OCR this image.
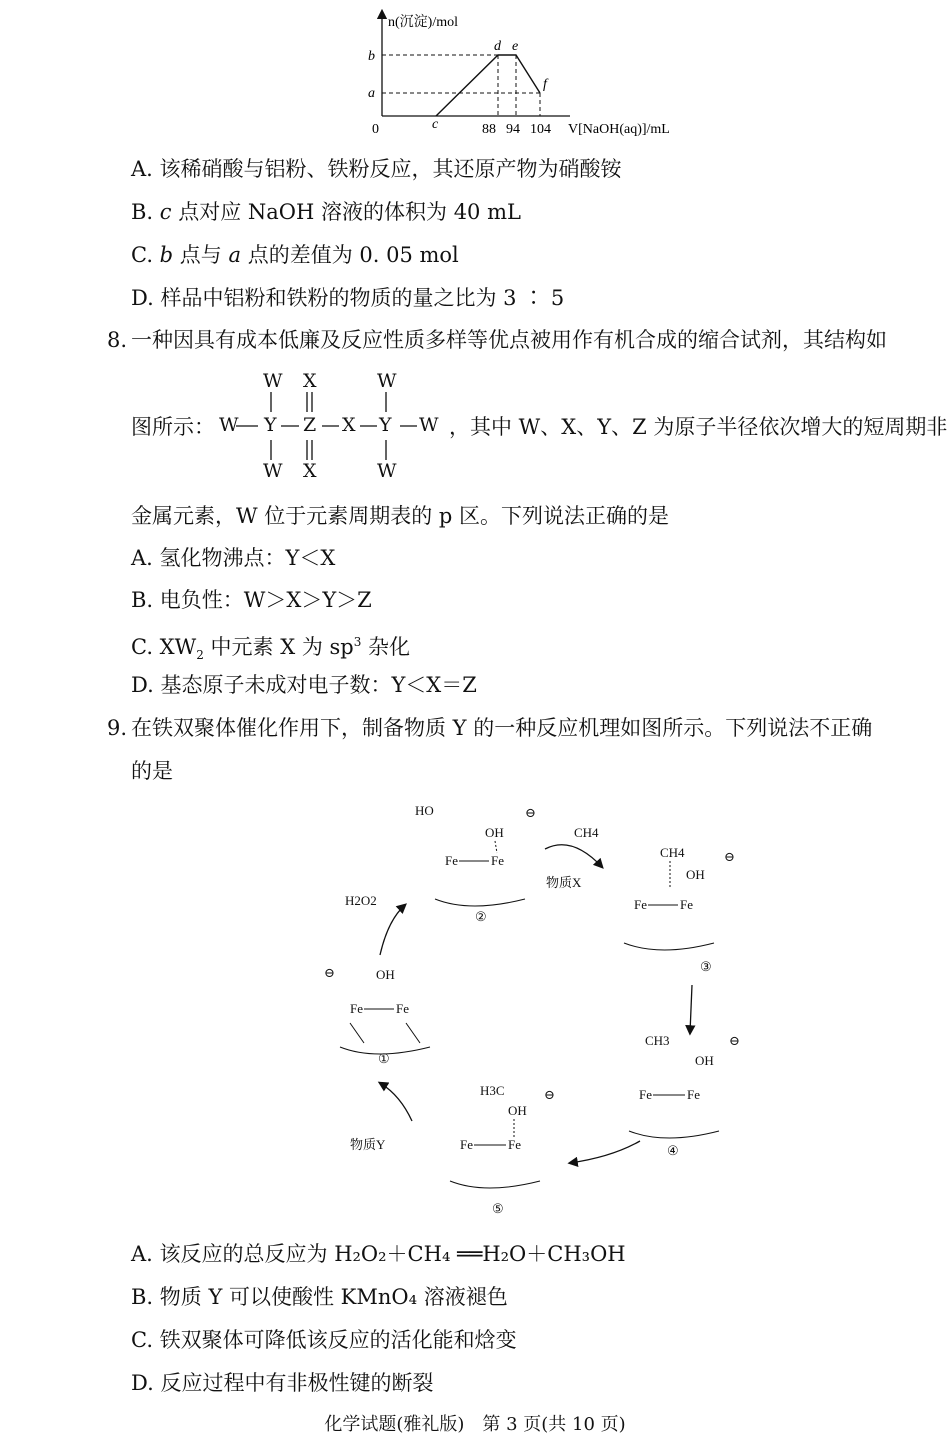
n(沉淀)/mol
V[NaOH(aq)]/mL
0
b
a
c
d e
f
88 94 104
A. 该稀硝酸与铝粉、铁粉反应，其还原产物为硝酸铵
B. c 点对应 NaOH 溶液的体积为 40 mL
C. b 点与 a 点的差值为 0. 05 mol
D. 样品中铝粉和铁粉的物质的量之比为 3 ∶ 5
8. 一种因具有成本低廉及反应性质多样等优点被用作有机合成的缩合试剂，其结构如
图所示：
W X	W
W Y Z X Y W
W X	W
，其中 W、X、Y、Z 为原子半径依次增大的短周期非
金属元素，W 位于元素周期表的 p 区。下列说法正确的是
A. 氢化物沸点：Y＜X
B. 电负性：W＞X＞Y＞Z
C. $XW_2$ 中元素 X 为 $sp^3$ 杂化
D. 基态原子未成对电子数：Y＜X＝Z
9. 在铁双聚体催化作用下，制备物质 Y 的一种反应机理如图所示。下列说法不正确
的是
⊖
Fe	Fe
OH
①
HO
OH
⊖
Fe	Fe
②
CH4
OH
⊖
Fe	Fe
③
CH3
OH
⊖
Fe	Fe
④
H3C
OH
⊖
Fe	Fe
⑤
H2O2
CH4
物质X
物质Y
A. 该反应的总反应为 H₂O₂＋CH₄ ══H₂O＋CH₃OH
B. 物质 Y 可以使酸性 KMnO₄ 溶液褪色
C. 铁双聚体可降低该反应的活化能和焓变
D. 反应过程中有非极性键的断裂
化学试题(雅礼版)　第 3 页(共 10 页)
